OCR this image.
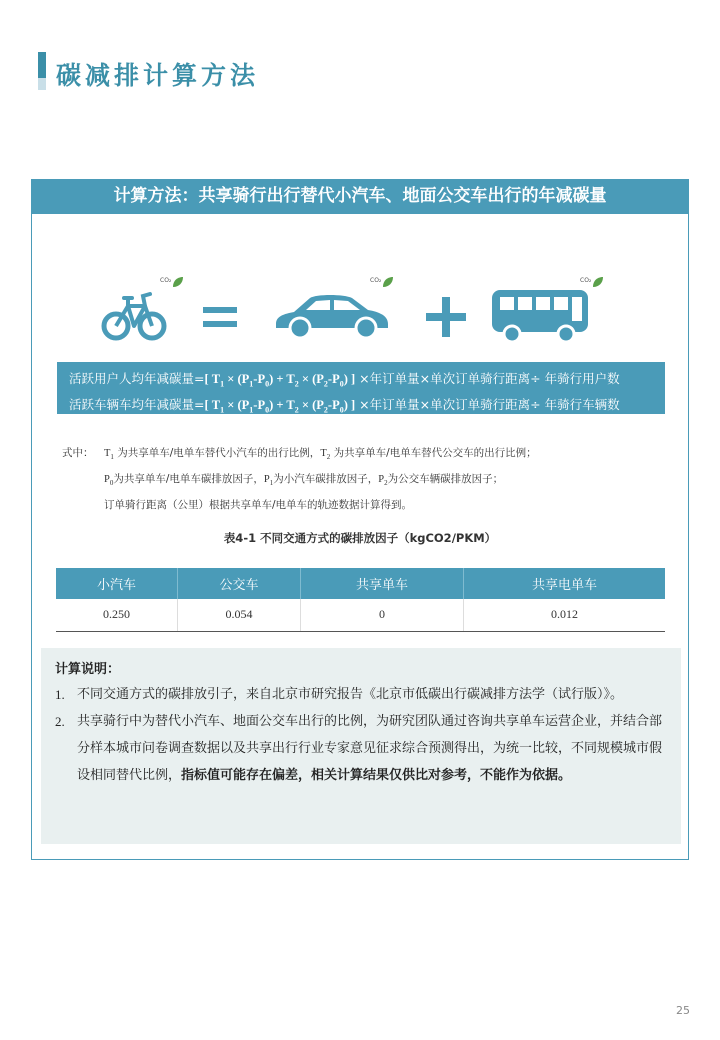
碳减排计算方法
计算方法：共享骑行出行替代小汽车、地面公交车出行的年减碳量
CO₂	CO₂	CO₂
活跃用户人均年减碳量=[ $T_1 \times (P_1-P_0) + T_2 \times (P_2-P_0)$ ] ×年订单量×单次订单骑行距离÷ 年骑行用户数
活跃车辆车均年减碳量=[ $T_1 \times (P_1-P_0) + T_2 \times (P_2-P_0)$ ] ×年订单量×单次订单骑行距离÷ 年骑行车辆数
式中： $T_1$ 为共享单车/电单车替代小汽车的出行比例，$T_2$ 为共享单车/电单车替代公交车的出行比例；
$P_0$为共享单车/电单车碳排放因子，$P_1$为小汽车碳排放因子，$P_2$为公交车辆碳排放因子；
订单骑行距离（公里）根据共享单车/电单车的轨迹数据计算得到。
表4-1 不同交通方式的碳排放因子（kgCO2/PKM）
小汽车	公交车	共享单车	共享电单车
0.250	0.054	0	0.012
计算说明：
1. 不同交通方式的碳排放引子，来自北京市研究报告《北京市低碳出行碳减排方法学（试行版）》。
2. 共享骑行中为替代小汽车、地面公交车出行的比例，为研究团队通过咨询共享单车运营企业，并结合部分样本城市问卷调查数据以及共享出行行业专家意见征求综合预测得出，为统一比较，不同规模城市假设相同替代比例，指标值可能存在偏差，相关计算结果仅供比对参考，不能作为依据。
25
